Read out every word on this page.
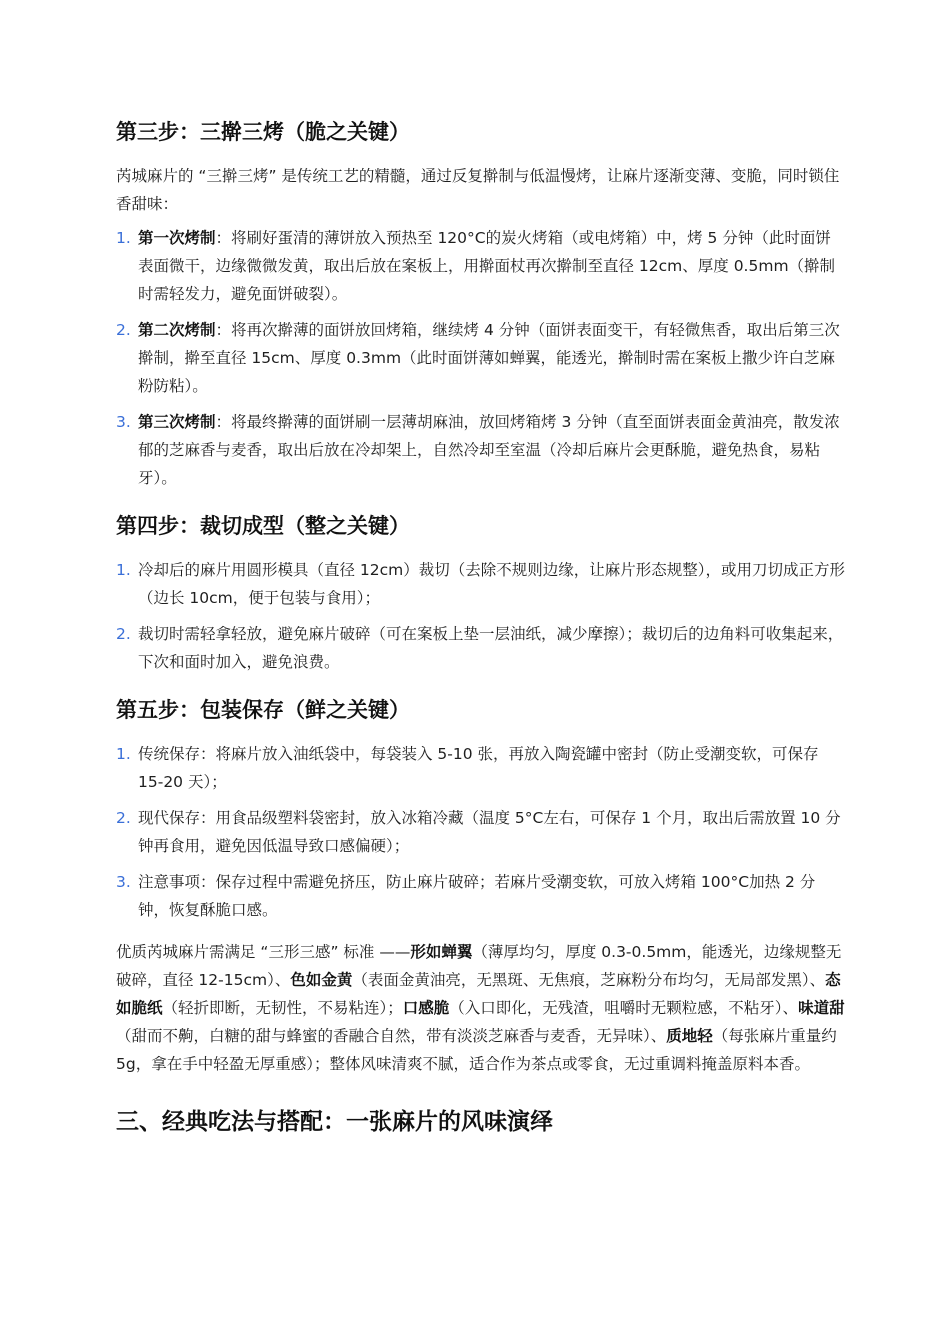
第三步：三擀三烤（脆之关键）

芮城麻片的 “三擀三烤” 是传统工艺的精髓，通过反复擀制与低温慢烤，让麻片逐渐变薄、变脆，同时锁住香甜味：

1. 第一次烤制：将刷好蛋清的薄饼放入预热至 120°C的炭火烤箱（或电烤箱）中，烤 5 分钟（此时面饼表面微干，边缘微微发黄，取出后放在案板上，用擀面杖再次擀制至直径 12cm、厚度 0.5mm（擀制时需轻发力，避免面饼破裂）。
2. 第二次烤制：将再次擀薄的面饼放回烤箱，继续烤 4 分钟（面饼表面变干，有轻微焦香，取出后第三次擀制，擀至直径 15cm、厚度 0.3mm（此时面饼薄如蝉翼，能透光，擀制时需在案板上撒少许白芝麻粉防粘）。
3. 第三次烤制：将最终擀薄的面饼刷一层薄胡麻油，放回烤箱烤 3 分钟（直至面饼表面金黄油亮，散发浓郁的芝麻香与麦香，取出后放在冷却架上，自然冷却至室温（冷却后麻片会更酥脆，避免热食，易粘牙）。
第四步：裁切成型（整之关键）
1. 冷却后的麻片用圆形模具（直径 12cm）裁切（去除不规则边缘，让麻片形态规整），或用刀切成正方形（边长 10cm，便于包装与食用）；
2. 裁切时需轻拿轻放，避免麻片破碎（可在案板上垫一层油纸，减少摩擦）；裁切后的边角料可收集起来，下次和面时加入，避免浪费。
第五步：包装保存（鲜之关键）
1. 传统保存：将麻片放入油纸袋中，每袋装入 5-10 张，再放入陶瓷罐中密封（防止受潮变软，可保存 15-20 天）；
2. 现代保存：用食品级塑料袋密封，放入冰箱冷藏（温度 5°C左右，可保存 1 个月，取出后需放置 10 分钟再食用，避免因低温导致口感偏硬）；
3. 注意事项：保存过程中需避免挤压，防止麻片破碎；若麻片受潮变软，可放入烤箱 100°C加热 2 分钟，恢复酥脆口感。

优质芮城麻片需满足 “三形三感” 标准 ——形如蝉翼（薄厚均匀，厚度 0.3-0.5mm，能透光，边缘规整无破碎，直径 12-15cm）、色如金黄（表面金黄油亮，无黑斑、无焦痕，芝麻粉分布均匀，无局部发黑）、态如脆纸（轻折即断，无韧性，不易粘连）；口感脆（入口即化，无残渣，咀嚼时无颗粒感，不粘牙）、味道甜（甜而不齁，白糖的甜与蜂蜜的香融合自然，带有淡淡芝麻香与麦香，无异味）、质地轻（每张麻片重量约 5g，拿在手中轻盈无厚重感）；整体风味清爽不腻，适合作为茶点或零食，无过重调料掩盖原料本香。

三、经典吃法与搭配：一张麻片的风味演绎
